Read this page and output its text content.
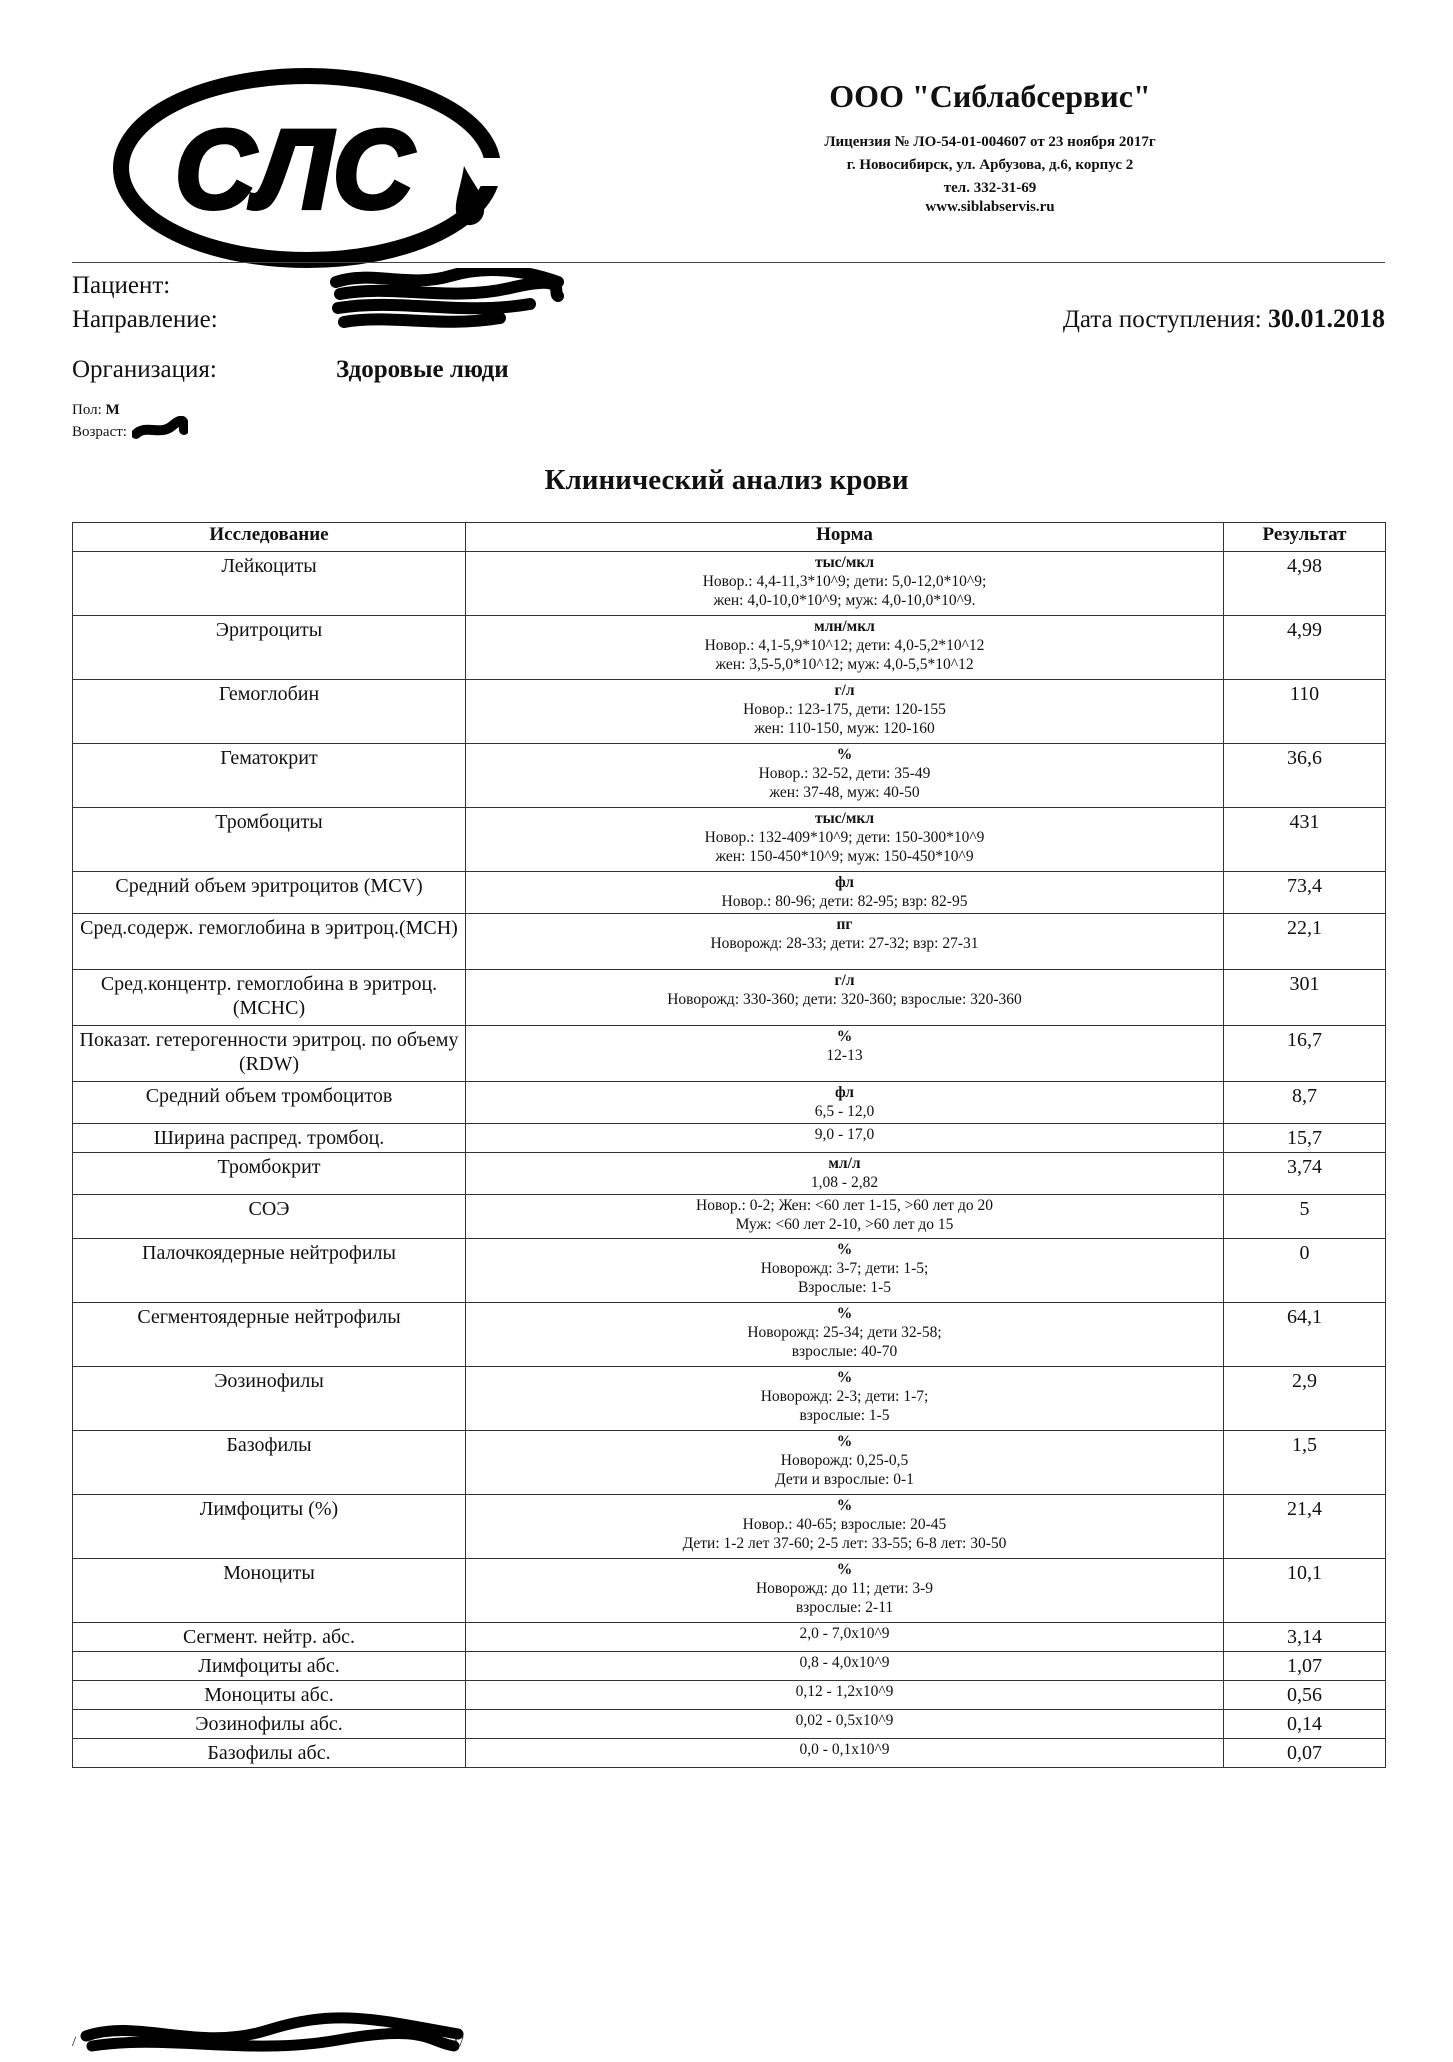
СЛС
ООО "Сиблабсервис"
Лицензия № ЛО-54-01-004607 от 23 ноября 2017г
г. Новосибирск, ул. Арбузова, д.6, корпус 2
тел. 332-31-69
www.siblabservis.ru
Пациент:
Направление:	Дата поступления: 30.01.2018
Организация:	Здоровые люди
Пол: М
Возраст:
Клинический анализ крови
Исследование	Норма	Результат
Лейкоциты	тыс/мкл
Новор.: 4,4-11,3*10^9; дети: 5,0-12,0*10^9;
жен: 4,0-10,0*10^9; муж: 4,0-10,0*10^9.	4,98
Эритроциты	млн/мкл
Новор.: 4,1-5,9*10^12; дети: 4,0-5,2*10^12
жен: 3,5-5,0*10^12; муж: 4,0-5,5*10^12	4,99
Гемоглобин	г/л
Новор.: 123-175, дети: 120-155
жен: 110-150, муж: 120-160	110
Гематокрит	%
Новор.: 32-52, дети: 35-49
жен: 37-48, муж: 40-50	36,6
Тромбоциты	тыс/мкл
Новор.: 132-409*10^9; дети: 150-300*10^9
жен: 150-450*10^9; муж: 150-450*10^9	431
Средний объем эритроцитов (MCV)	фл
Новор.: 80-96; дети: 82-95; взр: 82-95	73,4
Сред.содерж. гемоглобина в эритроц.(MCH)	пг
Новорожд: 28-33; дети: 27-32; взр: 27-31	22,1
Сред.концентр. гемоглобина в эритроц. (MCHC)	г/л
Новорожд: 330-360; дети: 320-360; взрослые: 320-360	301
Показат. гетерогенности эритроц. по объему (RDW)	%
12-13	16,7
Средний объем тромбоцитов	фл
6,5 - 12,0	8,7
Ширина распред. тромбоц.	9,0 - 17,0	15,7
Тромбокрит	мл/л
1,08 - 2,82	3,74
СОЭ	Новор.: 0-2; Жен: <60 лет 1-15, >60 лет до 20
Муж: <60 лет 2-10, >60 лет до 15	5
Палочкоядерные нейтрофилы	%
Новорожд: 3-7; дети: 1-5;
Взрослые: 1-5	0
Сегментоядерные нейтрофилы	%
Новорожд: 25-34; дети 32-58;
взрослые: 40-70	64,1
Эозинофилы	%
Новорожд: 2-3; дети: 1-7;
взрослые: 1-5	2,9
Базофилы	%
Новорожд: 0,25-0,5
Дети и взрослые: 0-1	1,5
Лимфоциты (%)	%
Новор.: 40-65; взрослые: 20-45
Дети: 1-2 лет 37-60; 2-5 лет: 33-55; 6-8 лет: 30-50	21,4
Моноциты	%
Новорожд: до 11; дети: 3-9
взрослые: 2-11	10,1
Сегмент. нейтр. абс.	2,0 - 7,0x10^9	3,14
Лимфоциты абс.	0,8 - 4,0x10^9	1,07
Моноциты абс.	0,12 - 1,2x10^9	0,56
Эозинофилы абс.	0,02 - 0,5x10^9	0,14
Базофилы абс.	0,0 - 0,1x10^9	0,07
/	1/
